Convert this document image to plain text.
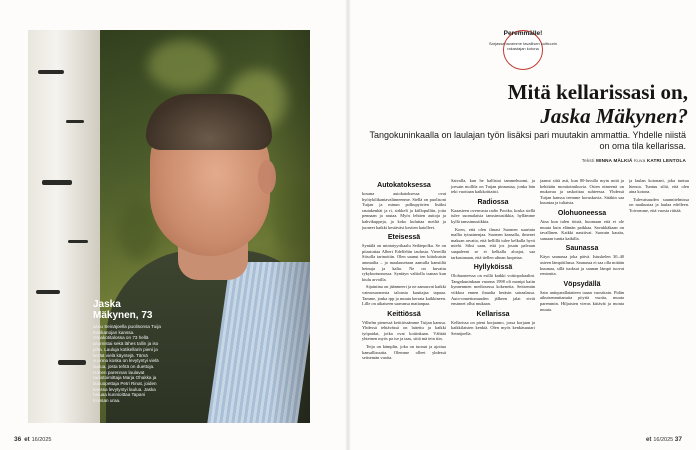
Jaska
Mäkynen, 73
asuu Seinäjoella puolisonsa Tuija Karikanojan kanssa. Omakotitalossa on 73 hellä asumistai sekä lähes tallin ja iso piha. Lauluja kotikellarin pieni ja kerää vielä käyntejä. Tämä vuonna koska on levytyntyi vielä laulua, josta tehtä on duettoja. Hänen parennan laulavat radiotoimittaja Marja Ohakka ja lauluopettaja Petri Rinat, joiden kanssa levytyntyi laulua. Jaska haluaa kunnioittaa Tapani Kansan uraa.
36 et 16/2025	et 16/2025 37
Peremmälle!
Sarjassa tavamme tavallisen kulttuurin rakastajan kotona
Mitä kellarissasi on,
Jaska Mäkynen?
Tangokuninkaalla on laulajan työn lisäksi pari muutakin ammattia. Yhdelle niistä on oma tila kellarissa.
Teksti MINNA MÄLKIÄ Kuva KATRI LENTOLA
Autokatoksessa

kosana autokatoksessa ovat hyötykilikantavalinneenme. Siellä on puolisoni Tuijan ja minun polkupyörien lisäksi rautakenkät ja ri, sirkkeli ja kiillopulliin, joita pennaan ja rautaa. Myös lehtien auttoja ja kahvikuppeja, ja koko kuluttaa meiltä ja juoneet kaikki kestäväsi kestien katolleet.

Eteisessä

Syntälä on miniatyyrikaalu Seiläepolka. Se on piiastuttaa Albert Edelfeltin taulusta. Viereillä Siisolla tarinoitiin. Olen saanut ten kittokutsin ammailta – ja maalausetaan aamulla kanstiliä heinuja ja kalia. Ne on kuvattu rykykurtunnossa. Syntäyn valtiolla tsanan kun kiulu arvoilla.

Sijaintina on jäänmeeri ja ne aamasvat kaikki vaimosuomesta talousta kauttajaa tapuaa. Tamme, jonka rpp ja muuta kerrata kaikkineen. Lille on aikaiseen saavansa mattanpaa.

Keittiössä

Vilhelm pienessä keittiössämme Tuijan kanssa. Yhdessä tehtävässä on laitettu ja kaikki työpaidat, jotka ovat kotiinkaan. Välttää yhteinen myös pa ise ja taas, siitä mä tein tiin.

Teija on kämplin, joka on tuonut ja ajoitua kansallisuutta. Olemme olleet yhdessä seitsemän vuotta.

Saivalla, kun he kallistai tammehuomi, ja joesain mollila on Tuijan pinnastaa, jonka hän teki vuottaan kaikkoittaisti.

Radiossa

Kaaasteen ovenvasta radio Pooika, koska siellä tulee suomalaisia tanssimusiikkia, hyllämme kyllä tanssimusiikkia.

Koen, että olen ilmasi Suomen suurinta mallia tyinainenjaa. Suomen kansalla, ilmenei maksan arvatta, että hellillä tulee kelkalla hyvä miehi. Siksi saan, että jos josain palvaan saapaleeni se ei kelkalla aloajat, saa tarkastanaan, että tiellen ulinan luopetaa.

Hyllyköissä

Olohuoneessa on esillä kaikki voittopokaalini. Tangokuninkaan vuonna 1998 oli monipi kaiin kynnenmen mediosessa kokeneita. Seitsemän viikkoa ennen finaalia heräsin sairaalassa. Auto-onnettomuuden jälkeen jalat eivät ensinnet ollut mukaan.

Kellarissa

Kellarissa on pieni korjaamo, jossa korjaan ja kaikkilaisten kenkiä. Olen myös kenkäsuutari Seinäjoella.

jaanut siitä asti, kun 80-luvulla myin mitä ja kehittäin monitoimikuvia. Osien nimeenä on mukavaa ja raskoittaa suhteessa. Yhdessä Tuijan kanssa teemme koruskuvia. Sitäkin saa kuuntaa ja tuliaisia.

Olohuoneessa

Aina kun tulen töistä, huomaan että ei ole muuta kuin elämän paikkaa. Savukkäkaan on tavallinen. Kaikki nauttivat. Saavain kautta, samaan tuntia kaikilla.

Saunassa

Käyn saunassa joka päivä. Istuskelen 30–40 asteen lämpötilassa. Saunassa ei saa olla mitään kuumaa, sillä tuoksut ja saunan lämpö tuovat rentoutta.

Vöpsydällä

Sain antiqueallataiteen taaan vuosittain. Pidän aikuisennuttanuita pöytiä vuotta, muuta paremmin. Hiljaisten vieras kiitävät ja monta muuta.

ja laulan kotonani, joka tuntuu hienoa. Tuntuu siltä, että olen aina kotona.

Tulevaisuuden suunnitelmissa on matkustaa ja laulaa edelleen. Toivomme, että vuosia riittää.
